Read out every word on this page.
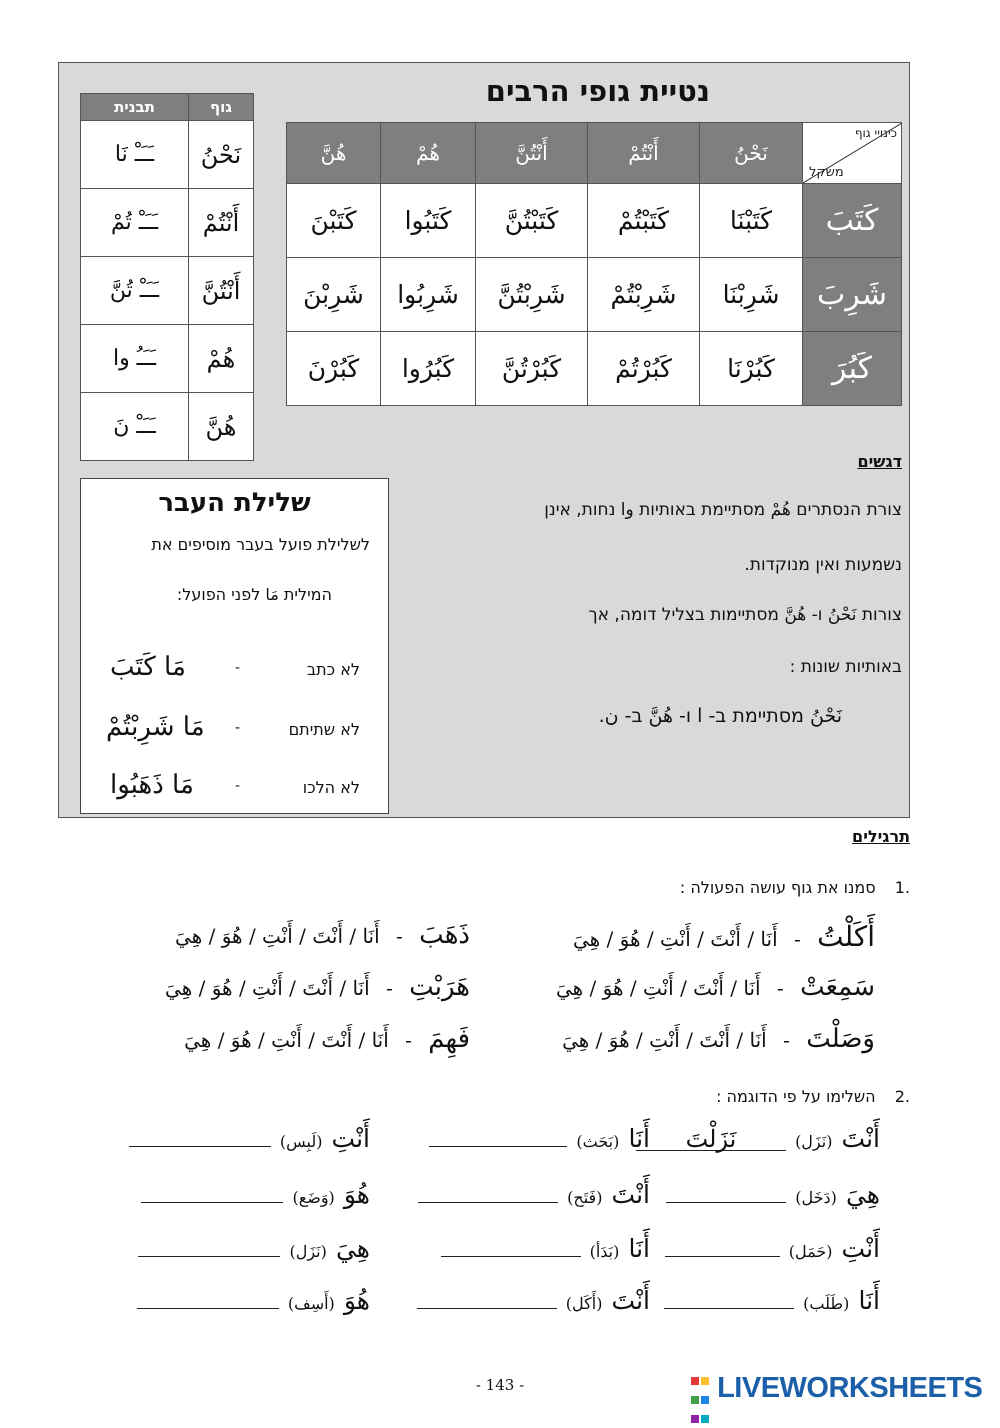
נטיית גופי הרבים
גוף	תבנית
نَحْنُ	ـَـَـْ نَا
أَنْتُمْ	ـَـَـْ تُمْ
أَنْتُنَّ	ـَـَـْ تُنَّ
هُمْ	ـَـَـُ وا
هُنَّ	ـَـَـْ نَ
כינויי גוף
משקל	نَحْنُ	أَنْتُمْ	أَنْتُنَّ	هُمْ	هُنَّ
كَتَبَ	كَتَبْنَا	كَتَبْتُمْ	كَتَبْتُنَّ	كَتَبُوا	كَتَبْنَ
شَرِبَ	شَرِبْنَا	شَرِبْتُمْ	شَرِبْتُنَّ	شَرِبُوا	شَرِبْنَ
كَبُرَ	كَبُرْنَا	كَبُرْتُمْ	كَبُرْتُنَّ	كَبُرُوا	كَبُرْنَ
דגשים
צורת הנסתרים هُمْ מסתיימת באותיות وا נחות, אינן
נשמעות ואין מנוקדות.
צורות نَحْنُ ו- هُنَّ מסתיימות בצליל דומה, אך
באותיות שונות :
نَحْنُ מסתיימת ב- ا ו- هُنَّ ב- ن.
שלילת העבר
לשלילת פועל בעבר מוסיפים את
המילית مَا לפני הפועל:
לא כתב
-
مَا كَتَبَ
לא שתיתם
-
مَا شَرِبْتُمْ
לא הלכו
-
مَا ذَهَبُوا
תרגילים
.1 סמנו את גוף עושה הפעולה :
أَكَلْتُ - أَنَا / أَنْتَ / أَنْتِ / هُوَ / هِيَ
ذَهَبَ - أَنَا / أَنْتَ / أَنْتِ / هُوَ / هِيَ
سَمِعَتْ - أَنَا / أَنْتَ / أَنْتِ / هُوَ / هِيَ
هَرَبْتِ - أَنَا / أَنْتَ / أَنْتِ / هُوَ / هِيَ
وَصَلْتَ - أَنَا / أَنْتَ / أَنْتِ / هُوَ / هِيَ
فَهِمَ - أَنَا / أَنْتَ / أَنْتِ / هُوَ / هِيَ
.2 השלימו על פי הדוגמה :
أَنْتَ (نَزَل) نَزَلْتَ
أَنَا (بَحَث)
أَنْتِ (لَبِس)
هِيَ (دَخَل)
أَنْتَ (فَتَح)
هُوَ (وَضَع)
أَنْتِ (حَمَل)
أَنَا (بَدَأ)
هِيَ (نَزَل)
أَنَا (طَلَب)
أَنْتَ (أَكَل)
هُوَ (أَسِف)
- 143 -	LIVEWORKSHEETS
